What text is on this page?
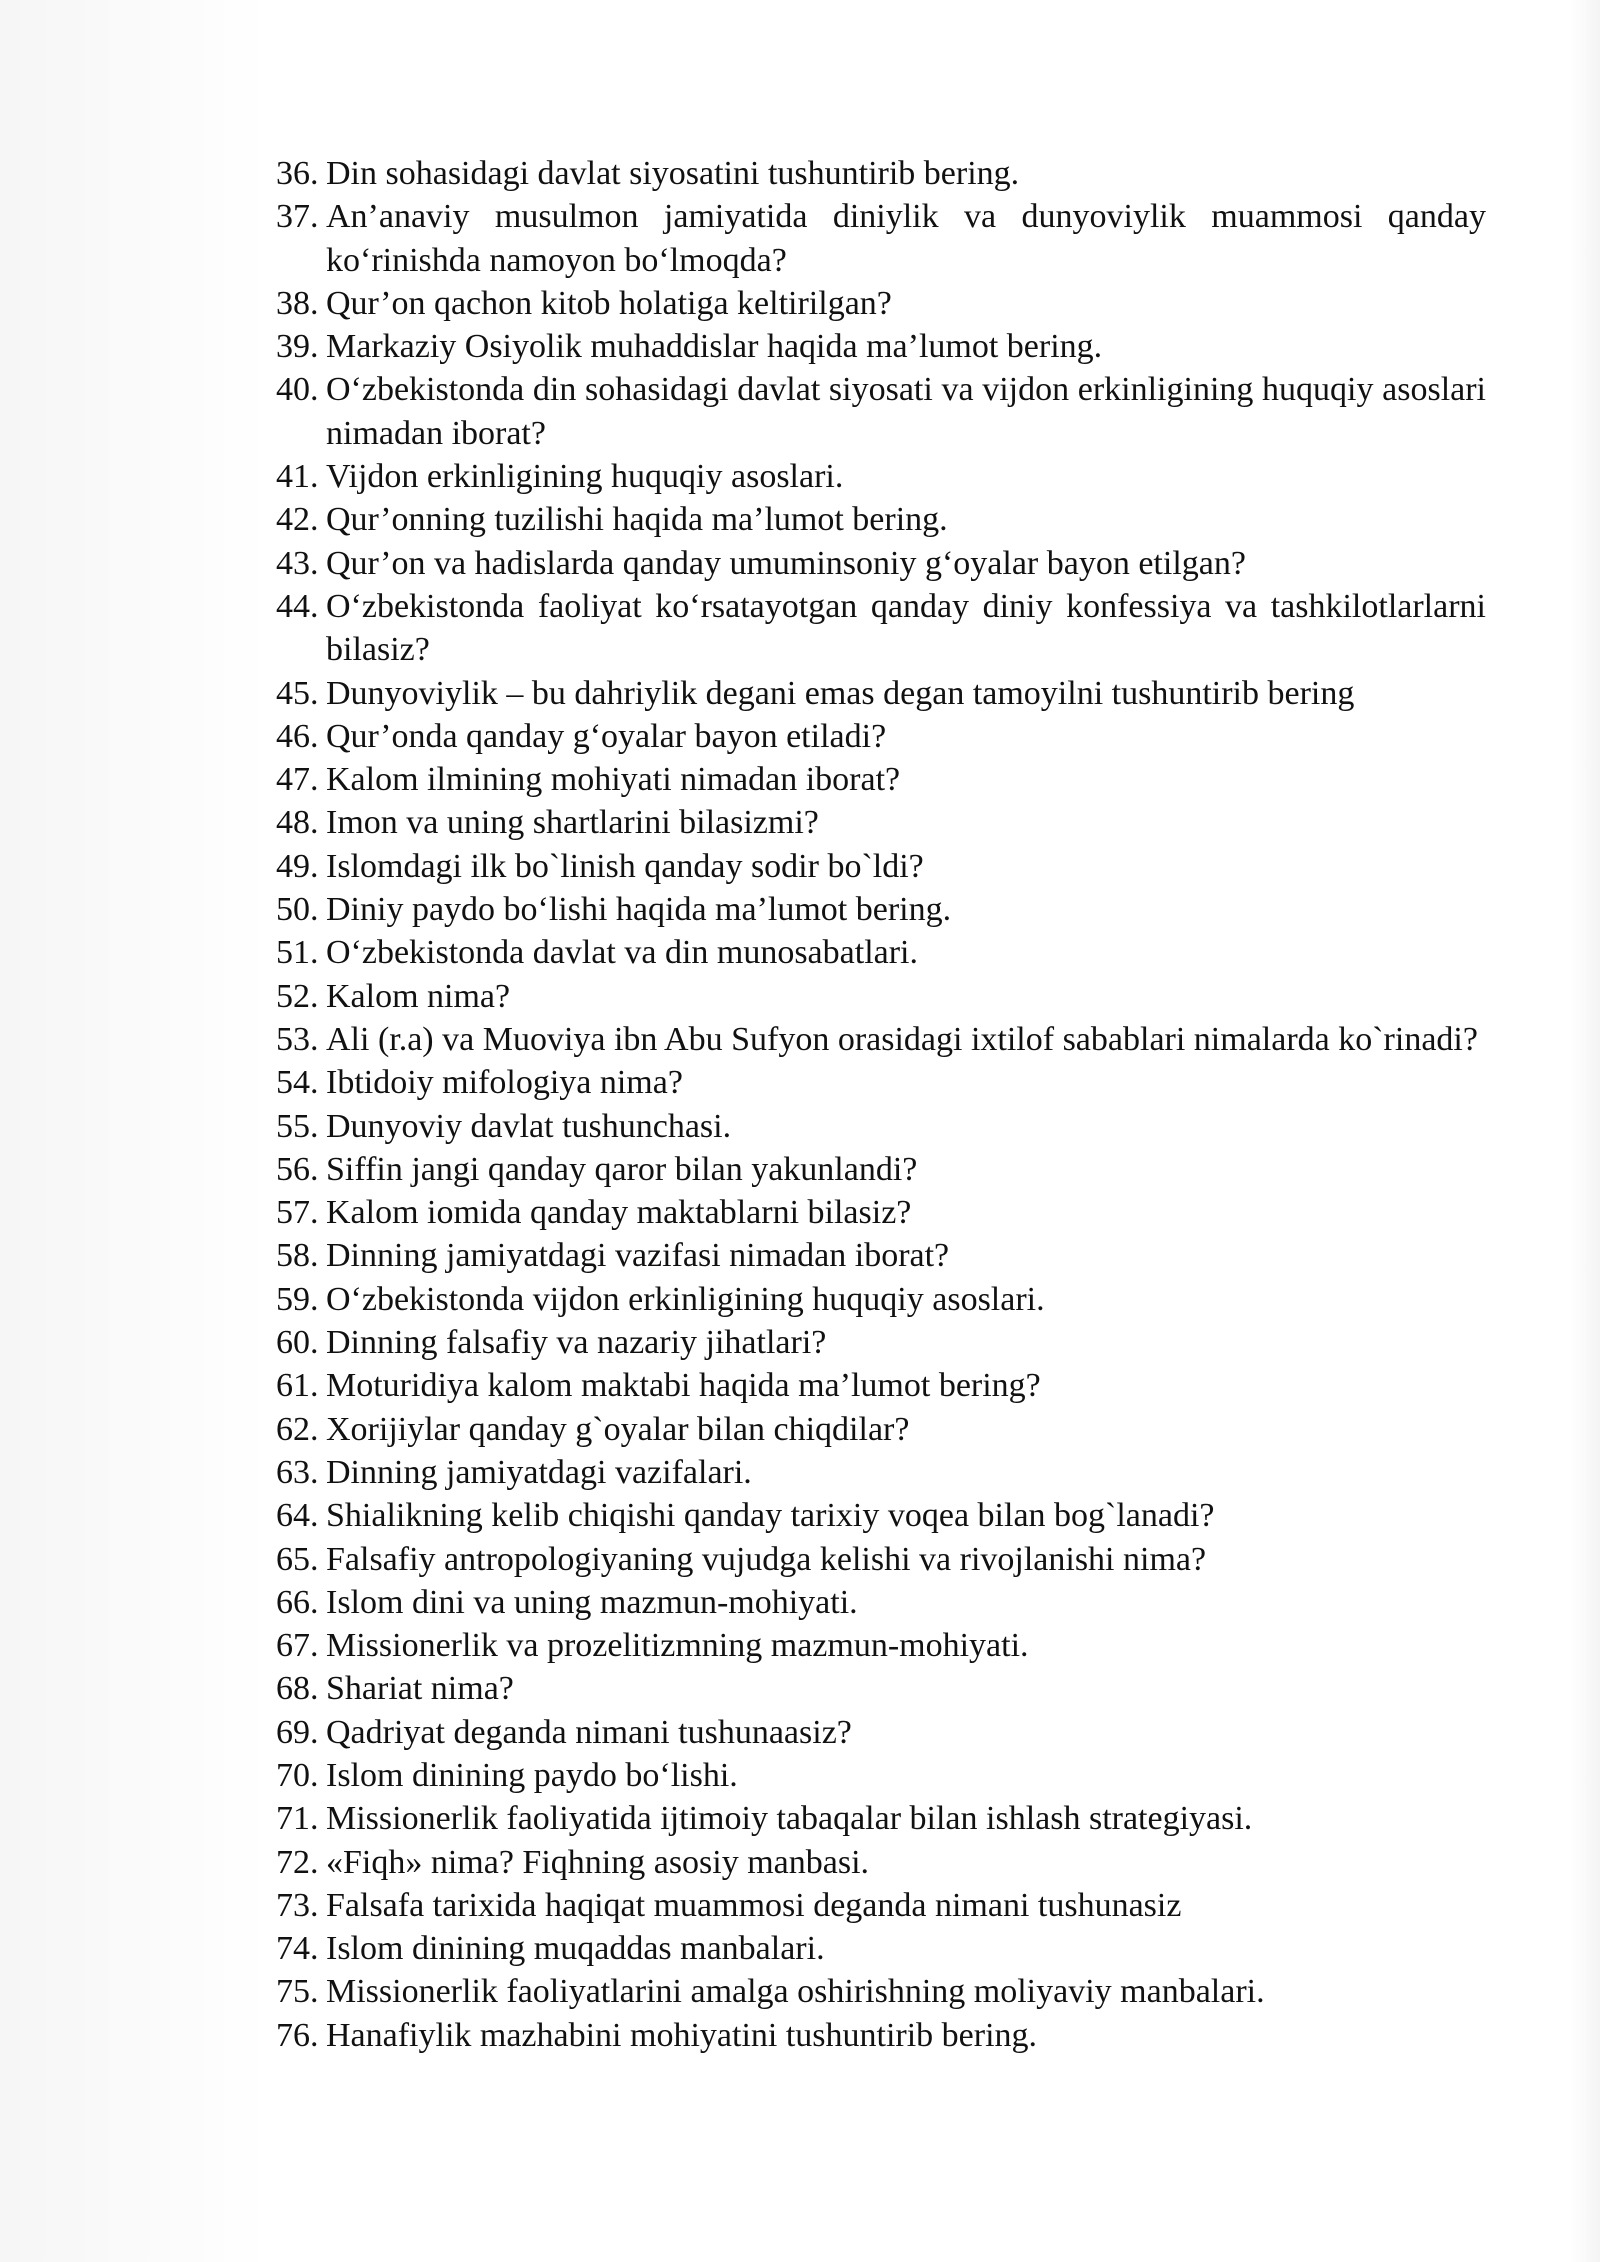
36. Din sohasidagi davlat siyosatini tushuntirib bering.
37. An’anaviy musulmon jamiyatida diniylik va dunyoviylik muammosi qanday ko‘rinishda namoyon bo‘lmoqda?
38. Qur’on qachon kitob holatiga keltirilgan?
39. Markaziy Osiyolik muhaddislar haqida ma’lumot bering.
40. O‘zbekistonda din sohasidagi davlat siyosati va vijdon erkinligining huquqiy asoslari nimadan iborat?
41. Vijdon erkinligining huquqiy asoslari.
42. Qur’onning tuzilishi haqida ma’lumot bering.
43. Qur’on va hadislarda qanday umuminsoniy g‘oyalar bayon etilgan?
44. O‘zbekistonda faoliyat ko‘rsatayotgan qanday diniy konfessiya va tashkilotlarlarni bilasiz?
45. Dunyoviylik – bu dahriylik degani emas degan tamoyilni tushuntirib bering
46. Qur’onda qanday g‘oyalar bayon etiladi?
47. Kalom ilmining mohiyati nimadan iborat?
48. Imon va uning shartlarini bilasizmi?
49. Islomdagi ilk bo`linish qanday sodir bo`ldi?
50. Diniy paydo bo‘lishi haqida ma’lumot bering.
51. O‘zbekistonda davlat va din munosabatlari.
52. Kalom nima?
53. Ali (r.a) va Muoviya ibn Abu Sufyon orasidagi ixtilof sabablari nimalarda ko`rinadi?
54. Ibtidoiy mifologiya nima?
55. Dunyoviy davlat tushunchasi.
56. Siffin jangi qanday qaror bilan yakunlandi?
57. Kalom iomida qanday maktablarni bilasiz?
58. Dinning jamiyatdagi vazifasi nimadan iborat?
59. O‘zbekistonda vijdon erkinligining huquqiy asoslari.
60. Dinning falsafiy va nazariy jihatlari?
61. Moturidiya kalom maktabi haqida ma’lumot bering?
62. Xorijiylar qanday g`oyalar bilan chiqdilar?
63. Dinning jamiyatdagi vazifalari.
64. Shialikning kelib chiqishi qanday tarixiy voqea bilan bog`lanadi?
65. Falsafiy antropologiyaning vujudga kelishi va rivojlanishi nima?
66. Islom dini va uning mazmun-mohiyati.
67. Missionerlik va prozelitizmning mazmun-mohiyati.
68. Shariat nima?
69. Qadriyat deganda nimani tushunaasiz?
70. Islom dinining paydo bo‘lishi.
71. Missionerlik faoliyatida ijtimoiy tabaqalar bilan ishlash strategiyasi.
72. «Fiqh» nima? Fiqhning asosiy manbasi.
73. Falsafa tarixida haqiqat muammosi deganda nimani tushunasiz
74. Islom dinining muqaddas manbalari.
75. Missionerlik faoliyatlarini amalga oshirishning moliyaviy manbalari.
76. Hanafiylik mazhabini mohiyatini tushuntirib bering.
